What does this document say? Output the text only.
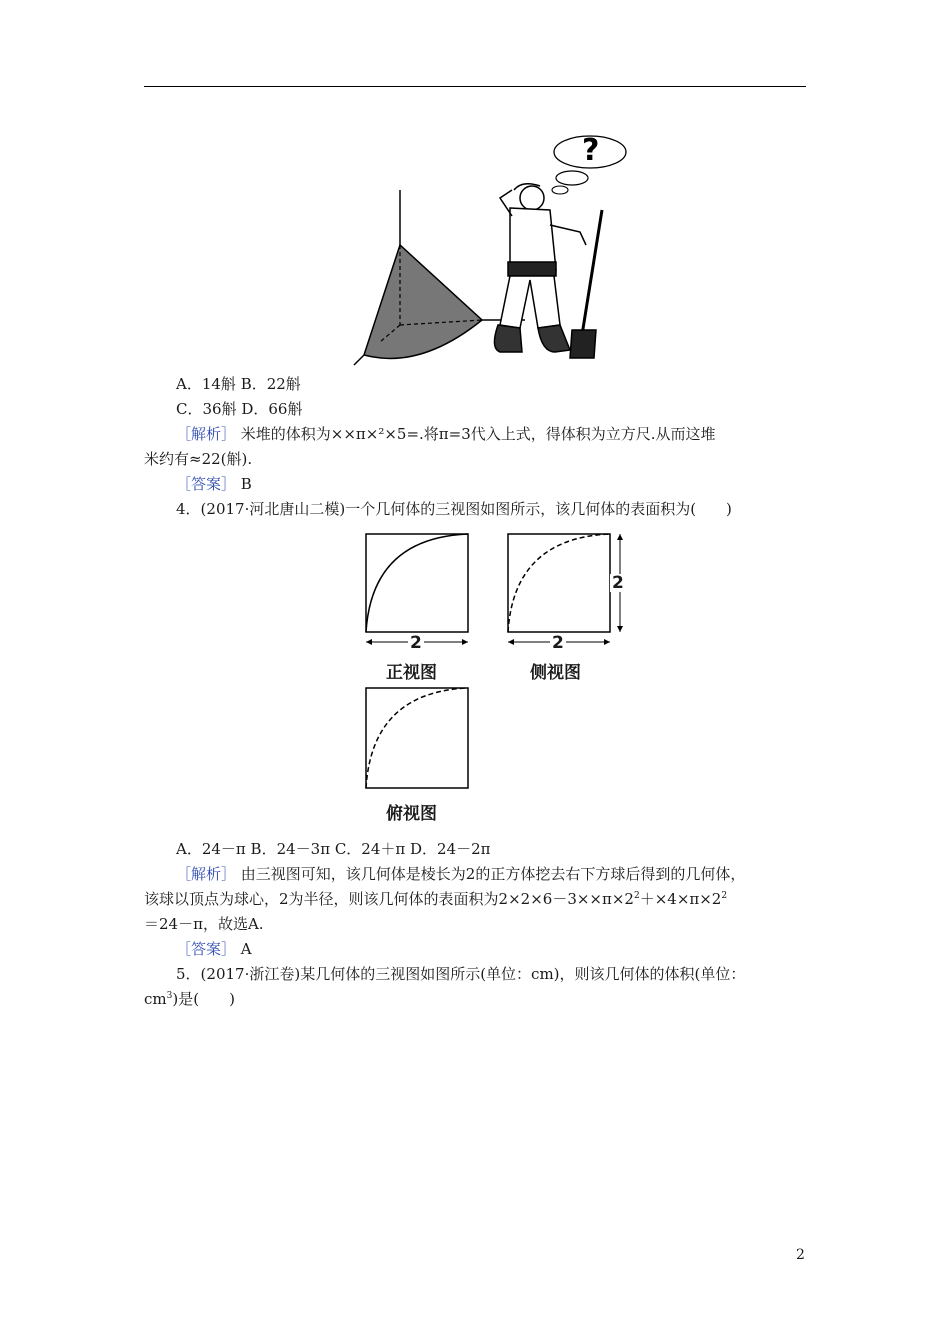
?
A．14斛 B．22斛
C．36斛 D．66斛
［解析］ 米堆的体积为××π×²×5=.将π=3代入上式，得体积为立方尺.从而这堆
米约有≈22(斛).
［答案］ B
4．(2017·河北唐山二模)一个几何体的三视图如图所示，该几何体的表面积为(　　)
2
正视图
2
2
侧视图
俯视图
A．24－π B．24－3π C．24＋π D．24－2π
［解析］ 由三视图可知，该几何体是棱长为2的正方体挖去右下方球后得到的几何体，
该球以顶点为球心，2为半径，则该几何体的表面积为$2\times 2\times 6-3\times\times\pi\times 2^2+\times 4\times\pi\times 2^2$
＝24－π，故选A.
［答案］ A
5．(2017·浙江卷)某几何体的三视图如图所示(单位：cm)，则该几何体的体积(单位：
$cm^3$)是(　　)
2
